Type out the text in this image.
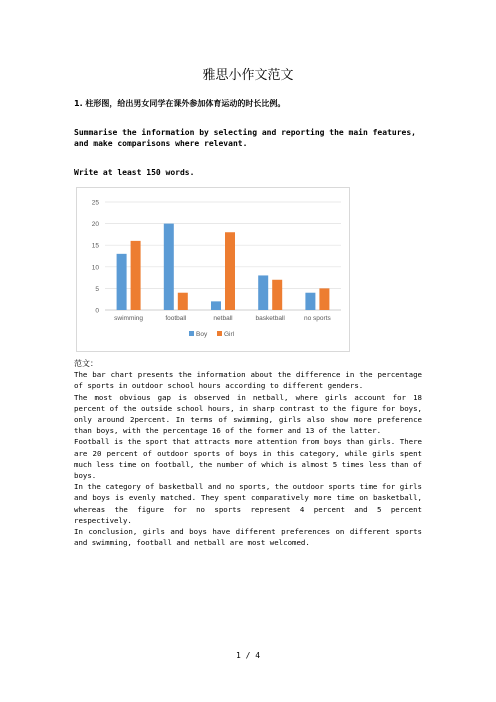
雅思小作文范文
1. 柱形图，给出男女同学在课外参加体育运动的时长比例。
Summarise the information by selecting and reporting the main features, and make comparisons where relevant.
Write at least 150 words.
0
5
10
15
20
25
swimming	football	netball	basketball	no sports
Boy	Girl

范文：

The bar chart presents the information about the difference in the percentage of sports in outdoor school hours according to different genders.

The most obvious gap is observed in netball, where girls account for 18 percent of the outside school hours, in sharp contrast to the figure for boys, only around 2percent. In terms of swimming, girls also show more preference than boys, with the percentage 16 of the former and 13 of the latter.

Football is the sport that attracts more attention from boys than girls. There are 20 percent of outdoor sports of boys in this category, while girls spent much less time on football, the number of which is almost 5 times less than of boys.

In the category of basketball and no sports, the outdoor sports time for girls and boys is evenly matched. They spent comparatively more time on basketball, whereas the figure for no sports represent 4 percent and 5 percent respectively.

In conclusion, girls and boys have different preferences on different sports and swimming, football and netball are most welcomed.

1 / 4
